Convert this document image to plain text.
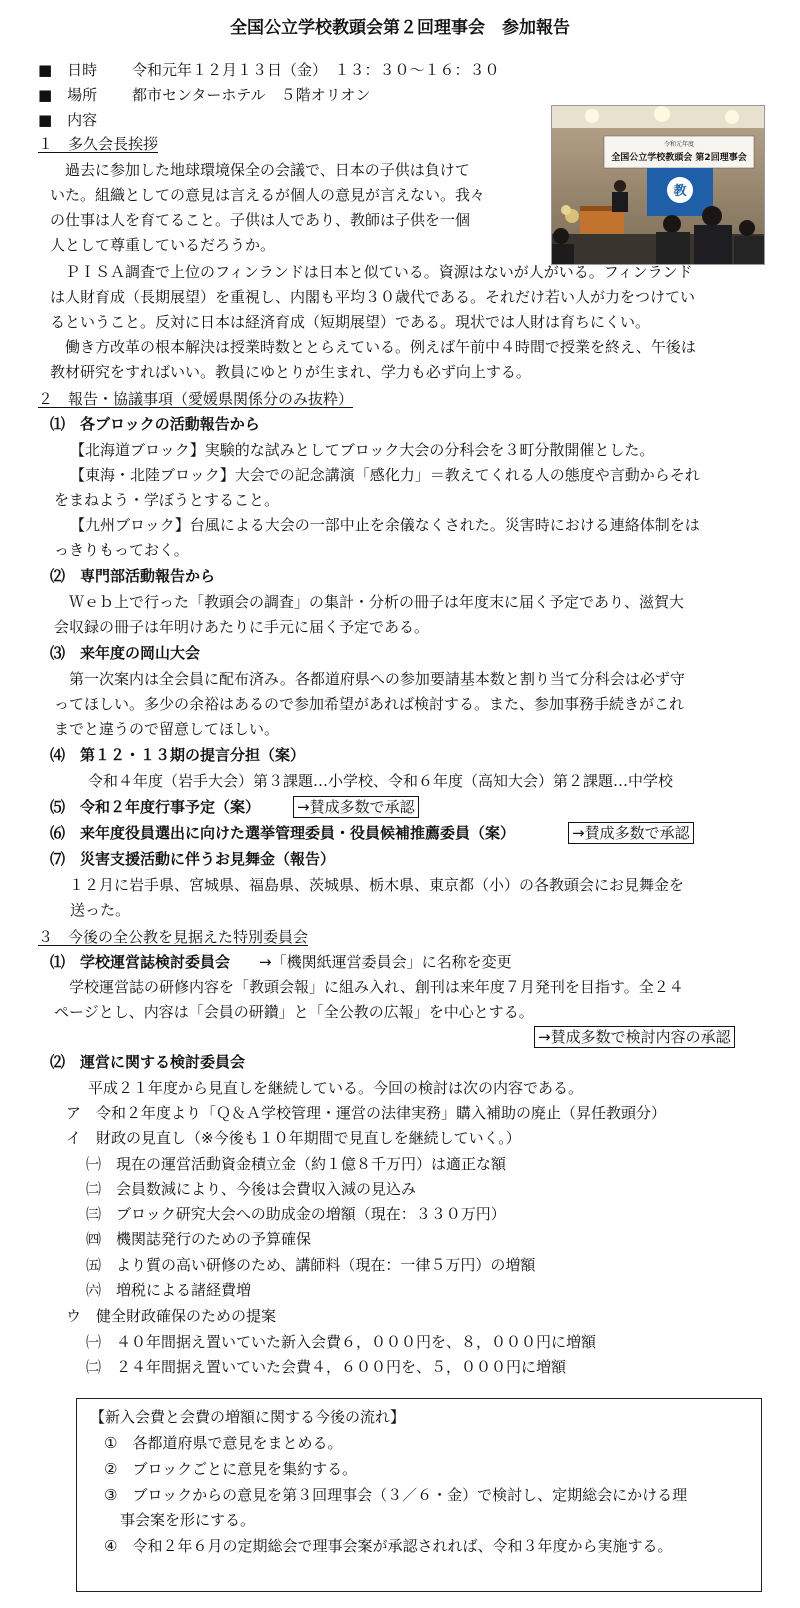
全国公立学校教頭会第２回理事会　参加報告
■　日時 令和元年１２月１３日（金）　１３：３０〜１６：３０
■　場所 都市センターホテル　５階オリオン
■　内容
令和元年度
全国公立学校教頭会 第2回理事会
教
１　多久会長挨拶
　過去に参加した地球環境保全の会議で、日本の子供は負けて
いた。組織としての意見は言えるが個人の意見が言えない。我々
の仕事は人を育てること。子供は人であり、教師は子供を一個
人として尊重しているだろうか。
　ＰＩＳＡ調査で上位のフィンランドは日本と似ている。資源はないが人がいる。フィンランド
は人財育成（長期展望）を重視し、内閣も平均３０歳代である。それだけ若い人が力をつけてい
るということ。反対に日本は経済育成（短期展望）である。現状では人財は育ちにくい。
　働き方改革の根本解決は授業時数ととらえている。例えば午前中４時間で授業を終え、午後は
教材研究をすればいい。教員にゆとりが生まれ、学力も必ず向上する。
２　報告・協議事項（愛媛県関係分のみ抜粋）
⑴　各ブロックの活動報告から
【北海道ブロック】実験的な試みとしてブロック大会の分科会を３町分散開催とした。
【東海・北陸ブロック】大会での記念講演「感化力」＝教えてくれる人の態度や言動からそれ
をまねよう・学ぼうとすること。
【九州ブロック】台風による大会の一部中止を余儀なくされた。災害時における連絡体制をは
っきりもっておく。
⑵　専門部活動報告から
　Ｗｅｂ上で行った「教頭会の調査」の集計・分析の冊子は年度末に届く予定であり、滋賀大
会収録の冊子は年明けあたりに手元に届く予定である。
⑶　来年度の岡山大会
　第一次案内は全会員に配布済み。各都道府県への参加要請基本数と割り当て分科会は必ず守
ってほしい。多少の余裕はあるので参加希望があれば検討する。また、参加事務手続きがこれ
までと違うので留意してほしい。
⑷　第１２・１３期の提言分担（案）
令和４年度（岩手大会）第３課題…小学校、令和６年度（高知大会）第２課題…中学校
⑸　令和２年度行事予定（案） →賛成多数で承認
⑹　来年度役員選出に向けた選挙管理委員・役員候補推薦委員（案）	→賛成多数で承認
⑺　災害支援活動に伴うお見舞金（報告）
　１２月に岩手県、宮城県、福島県、茨城県、栃木県、東京都（小）の各教頭会にお見舞金を
送った。
３　今後の全公教を見据えた特別委員会
⑴　学校運営誌検討委員会 →「機関紙運営委員会」に名称を変更
　学校運営誌の研修内容を「教頭会報」に組み入れ、創刊は来年度７月発刊を目指す。全２４
ページとし、内容は「会員の研鑽」と「全公教の広報」を中心とする。
→賛成多数で検討内容の承認
⑵　運営に関する検討委員会
平成２１年度から見直しを継続している。今回の検討は次の内容である。
ア　令和２年度より「Ｑ＆Ａ学校管理・運営の法律実務」購入補助の廃止（昇任教頭分）
イ　財政の見直し（※今後も１０年期間で見直しを継続していく。）
㈠　現在の運営活動資金積立金（約１億８千万円）は適正な額
㈡　会員数減により、今後は会費収入減の見込み
㈢　ブロック研究大会への助成金の増額（現在：３３０万円）
㈣　機関誌発行のための予算確保
㈤　より質の高い研修のため、講師料（現在：一律５万円）の増額
㈥　増税による諸経費増
ウ　健全財政確保のための提案
㈠　４０年間据え置いていた新入会費６，０００円を、８，０００円に増額
㈡　２４年間据え置いていた会費４，６００円を、５，０００円に増額
【新入会費と会費の増額に関する今後の流れ】
①　各都道府県で意見をまとめる。
②　ブロックごとに意見を集約する。
③　ブロックからの意見を第３回理事会（３／６・金）で検討し、定期総会にかける理
事会案を形にする。
④　令和２年６月の定期総会で理事会案が承認されれば、令和３年度から実施する。
